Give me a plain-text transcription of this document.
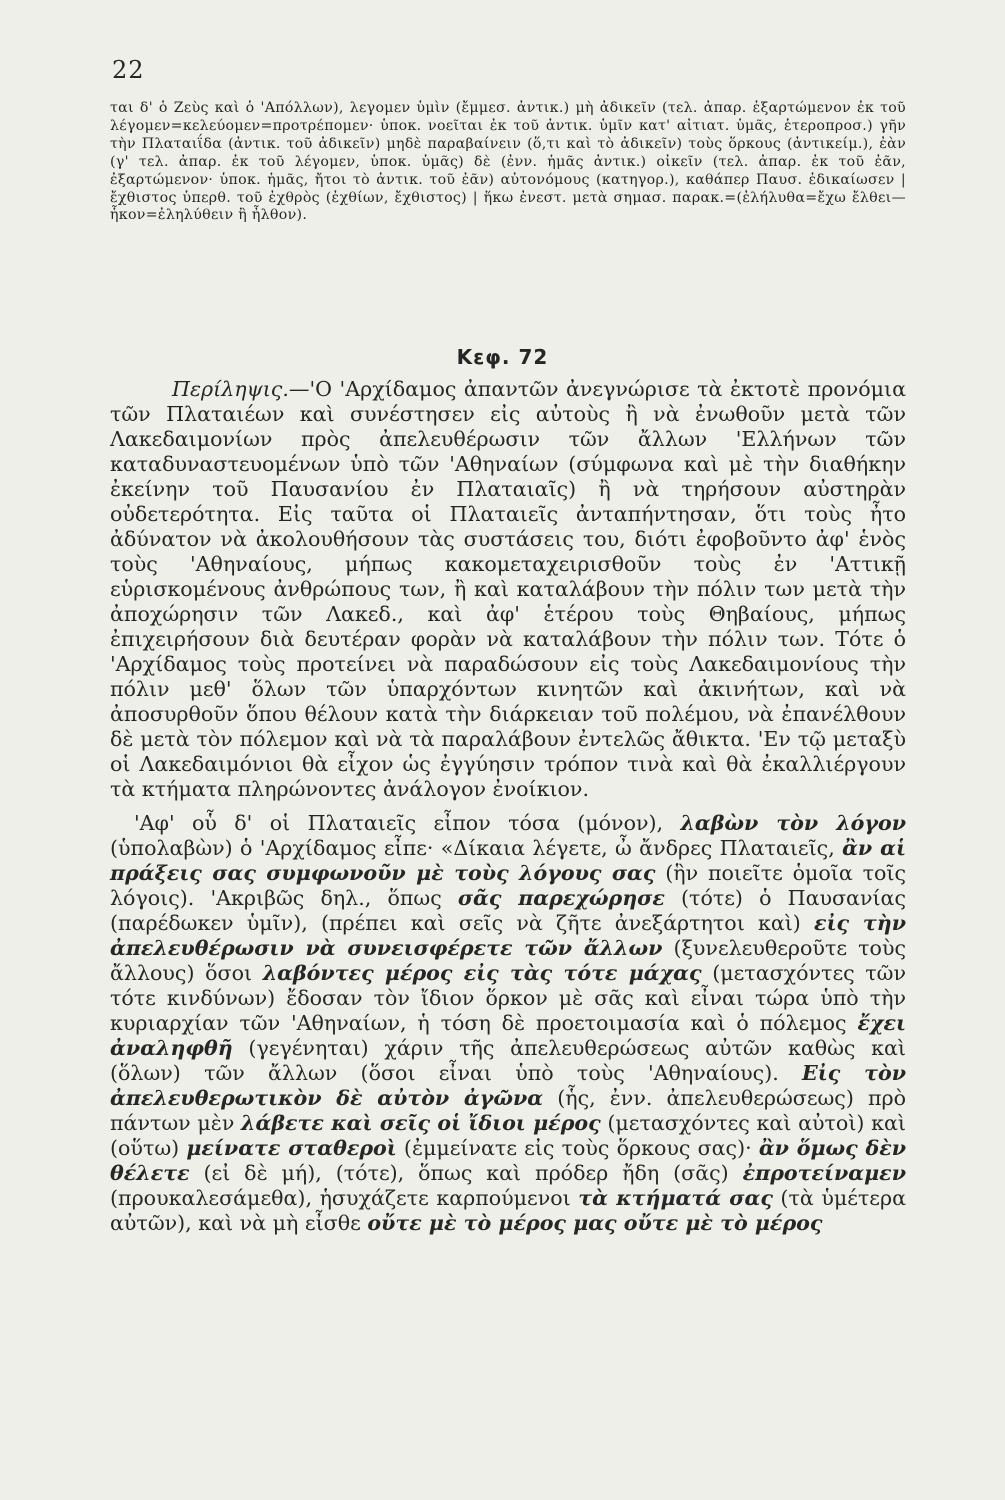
22

ται δ' ὁ Ζεὺς καὶ ὁ 'Απόλλων), λεγομεν ὑμὶν (ἔμμεσ. ἀντικ.) μὴ ἀδικεῖν (τελ. ἀπαρ. ἐξαρτώμενον ἐκ τοῦ λέγομεν=κελεύομεν=προτρέπομεν· ὑποκ. νοεῖται ἐκ τοῦ ἀντικ. ὑμῖν κατ' αἰτιατ. ὑμᾶς, ἑτεροπροσ.) γῆν τὴν Πλαταιΐδα (ἀντικ. τοῦ ἀδικεῖν) μηδὲ παραβαίνειν (ὅ,τι καὶ τὸ ἀδικεῖν) τοὺς ὅρκους (ἀντικείμ.), ἐὰν (γ' τελ. ἀπαρ. ἐκ τοῦ λέγομεν, ὑποκ. ὑμᾶς) δὲ (ἐνν. ἡμᾶς ἀντικ.) οἰκεῖν (τελ. ἀπαρ. ἐκ τοῦ ἐᾶν, ἐξαρτώμενον· ὑποκ. ἡμᾶς, ἤτοι τὸ ἀντικ. τοῦ ἐᾶν) αὐτονόμους (κατηγορ.), καθάπερ Παυσ. ἐδικαίωσεν | ἔχθιστος ὑπερθ. τοῦ ἐχθρὸς (ἐχθίων, ἔχθιστος) | ἥκω ἐνεστ. μετὰ σημασ. παρακ.=(ἐλήλυθα=ἔχω ἔλθει—ἧκον=ἐληλύθειν ἢ ἦλθον).

Κεφ. 72

Περίληψις.—'Ο 'Αρχίδαμος ἀπαντῶν ἀνεγνώρισε τὰ ἐκτοτὲ προνόμια τῶν Πλαταιέων καὶ συνέστησεν εἰς αὐτοὺς ἢ νὰ ἐνωθοῦν μετὰ τῶν Λακεδαιμονίων πρὸς ἀπελευθέρωσιν τῶν ἄλλων 'Ελλήνων τῶν καταδυναστευομένων ὑπὸ τῶν 'Αθηναίων (σύμφωνα καὶ μὲ τὴν διαθήκην ἐκείνην τοῦ Παυσανίου ἐν Πλαταιαῖς) ἢ νὰ τηρήσουν αὐστηρὰν οὐδετερότητα. Εἰς ταῦτα οἱ Πλαταιεῖς ἀνταπήντησαν, ὅτι τοὺς ἦτο ἀδύνατον νὰ ἀκολουθήσουν τὰς συστάσεις του, διότι ἐφοβοῦντο ἀφ' ἑνὸς τοὺς 'Αθηναίους, μήπως κακομεταχειρισθοῦν τοὺς ἐν 'Αττικῇ εὑρισκομένους ἀνθρώπους των, ἢ καὶ καταλάβουν τὴν πόλιν των μετὰ τὴν ἀποχώρησιν τῶν Λακεδ., καὶ ἀφ' ἑτέρου τοὺς Θηβαίους, μήπως ἐπιχειρήσουν διὰ δευτέραν φορὰν νὰ καταλάβουν τὴν πόλιν των. Τότε ὁ 'Αρχίδαμος τοὺς προτείνει νὰ παραδώσουν εἰς τοὺς Λακεδαιμονίους τὴν πόλιν μεθ' ὅλων τῶν ὑπαρχόντων κινητῶν καὶ ἀκινήτων, καὶ νὰ ἀποσυρθοῦν ὅπου θέλουν κατὰ τὴν διάρκειαν τοῦ πολέμου, νὰ ἐπανέλθουν δὲ μετὰ τὸν πόλεμον καὶ νὰ τὰ παραλάβουν ἐντελῶς ἄθικτα. 'Εν τῷ μεταξὺ οἱ Λακεδαιμόνιοι θὰ εἶχον ὡς ἐγγύησιν τρόπον τινὰ καὶ θὰ ἐκαλλιέργουν τὰ κτήματα πληρώνοντες ἀνάλογον ἐνοίκιον.

'Αφ' οὗ δ' οἱ Πλαταιεῖς εἶπον τόσα (μόνον), λαβὼν τὸν λόγον (ὑπολαβὼν) ὁ 'Αρχίδαμος εἶπε· «Δίκαια λέγετε, ὦ ἄνδρες Πλαταιεῖς, ἂν αἱ πράξεις σας συμφωνοῦν μὲ τοὺς λόγους σας (ἣν ποιεῖτε ὁμοῖα τοῖς λόγοις). 'Ακριβῶς δηλ., ὅπως σᾶς παρεχώρησε (τότε) ὁ Παυσανίας (παρέδωκεν ὑμῖν), (πρέπει καὶ σεῖς νὰ ζῆτε ἀνεξάρτητοι καὶ) εἰς τὴν ἀπελευθέρωσιν νὰ συνεισφέρετε τῶν ἄλλων (ξυνελευθεροῦτε τοὺς ἄλλους) ὅσοι λαβόντες μέρος εἰς τὰς τότε μάχας (μετασχόντες τῶν τότε κινδύνων) ἔδοσαν τὸν ἴδιον ὅρκον μὲ σᾶς καὶ εἶναι τώρα ὑπὸ τὴν κυριαρχίαν τῶν 'Αθηναίων, ἡ τόση δὲ προετοιμασία καὶ ὁ πόλεμος ἔχει ἀναληφθῆ (γεγένηται) χάριν τῆς ἀπελευθερώσεως αὐτῶν καθὼς καὶ (ὅλων) τῶν ἄλλων (ὅσοι εἶναι ὑπὸ τοὺς 'Αθηναίους). Εἰς τὸν ἀπελευθερωτικὸν δὲ αὐτὸν ἀγῶνα (ἧς, ἐνν. ἀπελευθερώσεως) πρὸ πάντων μὲν λάβετε καὶ σεῖς οἱ ἴδιοι μέρος (μετασχόντες καὶ αὐτοὶ) καὶ (οὕτω) μείνατε σταθεροὶ (ἐμμείνατε εἰς τοὺς ὅρκους σας)· ἂν ὅμως δὲν θέλετε (εἰ δὲ μή), (τότε), ὅπως καὶ πρόδερ ἤδη (σᾶς) ἐπροτείναμεν (προυκαλεσάμεθα), ἡσυχάζετε καρπούμενοι τὰ κτήματά σας (τὰ ὑμέτερα αὐτῶν), καὶ νὰ μὴ εἶσθε οὔτε μὲ τὸ μέρος μας οὔτε μὲ τὸ μέρος
